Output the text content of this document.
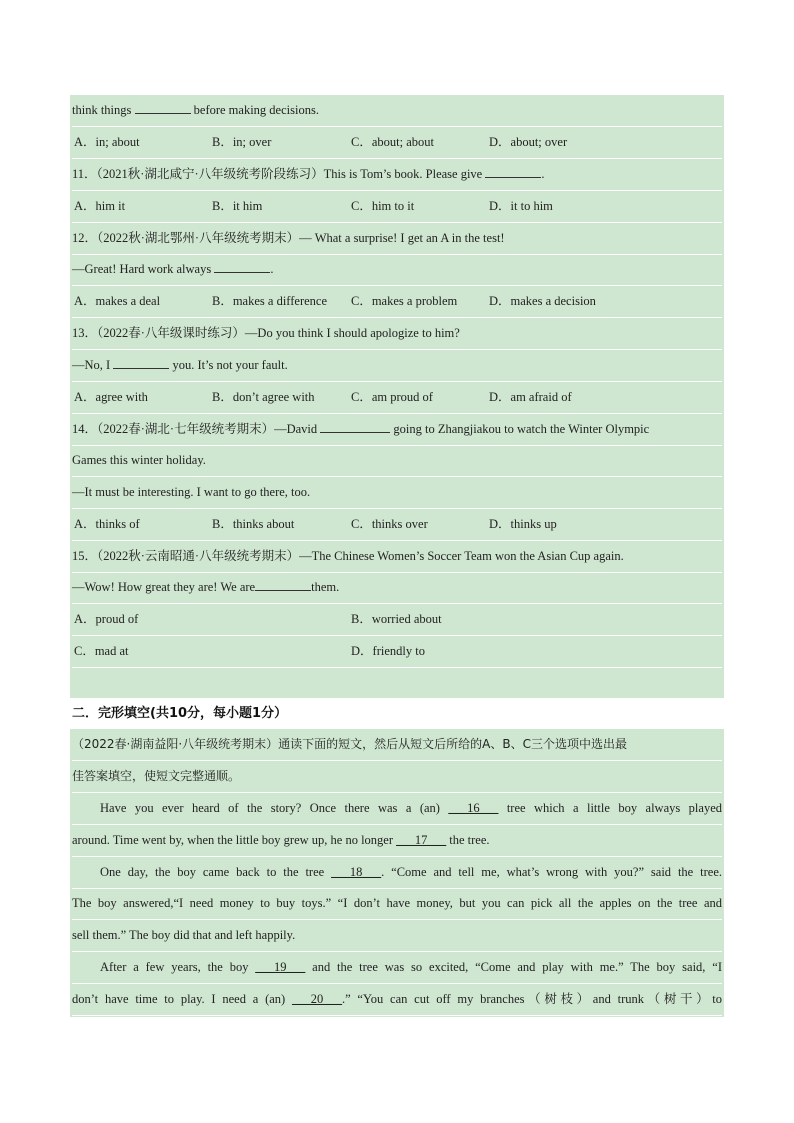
think things	before making decisions.
A．in; about	B．in; over	C．about; about	D．about; over
11．（2021秋·湖北咸宁·八年级统考阶段练习）This is Tom’s book. Please give	.
A．him it	B．it him	C．him to it	D．it to him
12．（2022秋·湖北鄂州·八年级统考期末）— What a surprise! I get an A in the test!
—Great! Hard work always	.
A．makes a deal	B．makes a difference C．makes a problem	D．makes a decision
13．（2022春·八年级课时练习）—Do you think I should apologize to him?
—No, I	you. It’s not your fault.
A．agree with	B．don’t agree with	C．am proud of	D．am afraid of
14．（2022春·湖北·七年级统考期末）—David	going to Zhangjiakou to watch the Winter Olympic
Games this winter holiday.
—It must be interesting. I want to go there, too.
A．thinks of	B．thinks about	C．thinks over	D．thinks up
15．（2022秋·云南昭通·八年级统考期末）—The Chinese Women’s Soccer Team won the Asian Cup again.
—Wow! How great they are! We are	them.
A．proud of	B．worried about
C．mad at	D．friendly to
二．完形填空(共10分，每小题1分）
（2022春·湖南益阳·八年级统考期末）通读下面的短文，然后从短文后所给的A、B、C三个选项中选出最
佳答案填空，使短文完整通顺。
Have you ever heard of the story? Once there was a (an) ___16___ tree which a little boy always played
around. Time went by, when the little boy grew up, he no longer ___17___ the tree.
One day, the boy came back to the tree ___18___. “Come and tell me, what’s wrong with you?” said the tree.
The boy answered,“I need money to buy toys.” “I don’t have money, but you can pick all the apples on the tree and
sell them.” The boy did that and left happily.
After a few years, the boy ___19___ and the tree was so excited, “Come and play with me.” The boy said, “I
don’t have time to play. I need a (an) ___20___.” “You can cut off my branches（树枝）and trunk（树干）to
